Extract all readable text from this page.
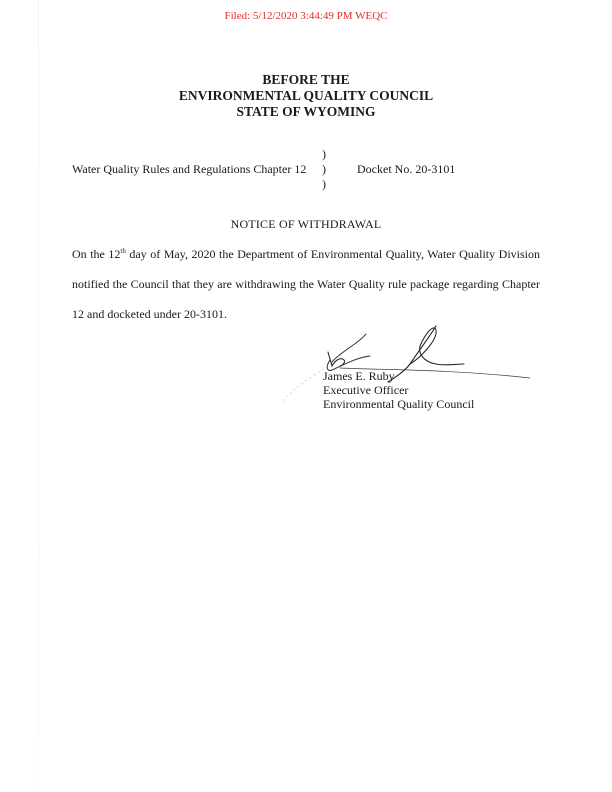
Filed: 5/12/2020 3:44:49 PM WEQC
BEFORE THE
ENVIRONMENTAL QUALITY COUNCIL
STATE OF WYOMING
Water Quality Rules and Regulations Chapter 12
)
)
)
Docket No. 20-3101
NOTICE OF WITHDRAWAL

On the 12th day of May, 2020 the Department of Environmental Quality, Water Quality Division notified the Council that they are withdrawing the Water Quality rule package regarding Chapter 12 and docketed under 20-3101.

James E. Ruby
Executive Officer
Environmental Quality Council
